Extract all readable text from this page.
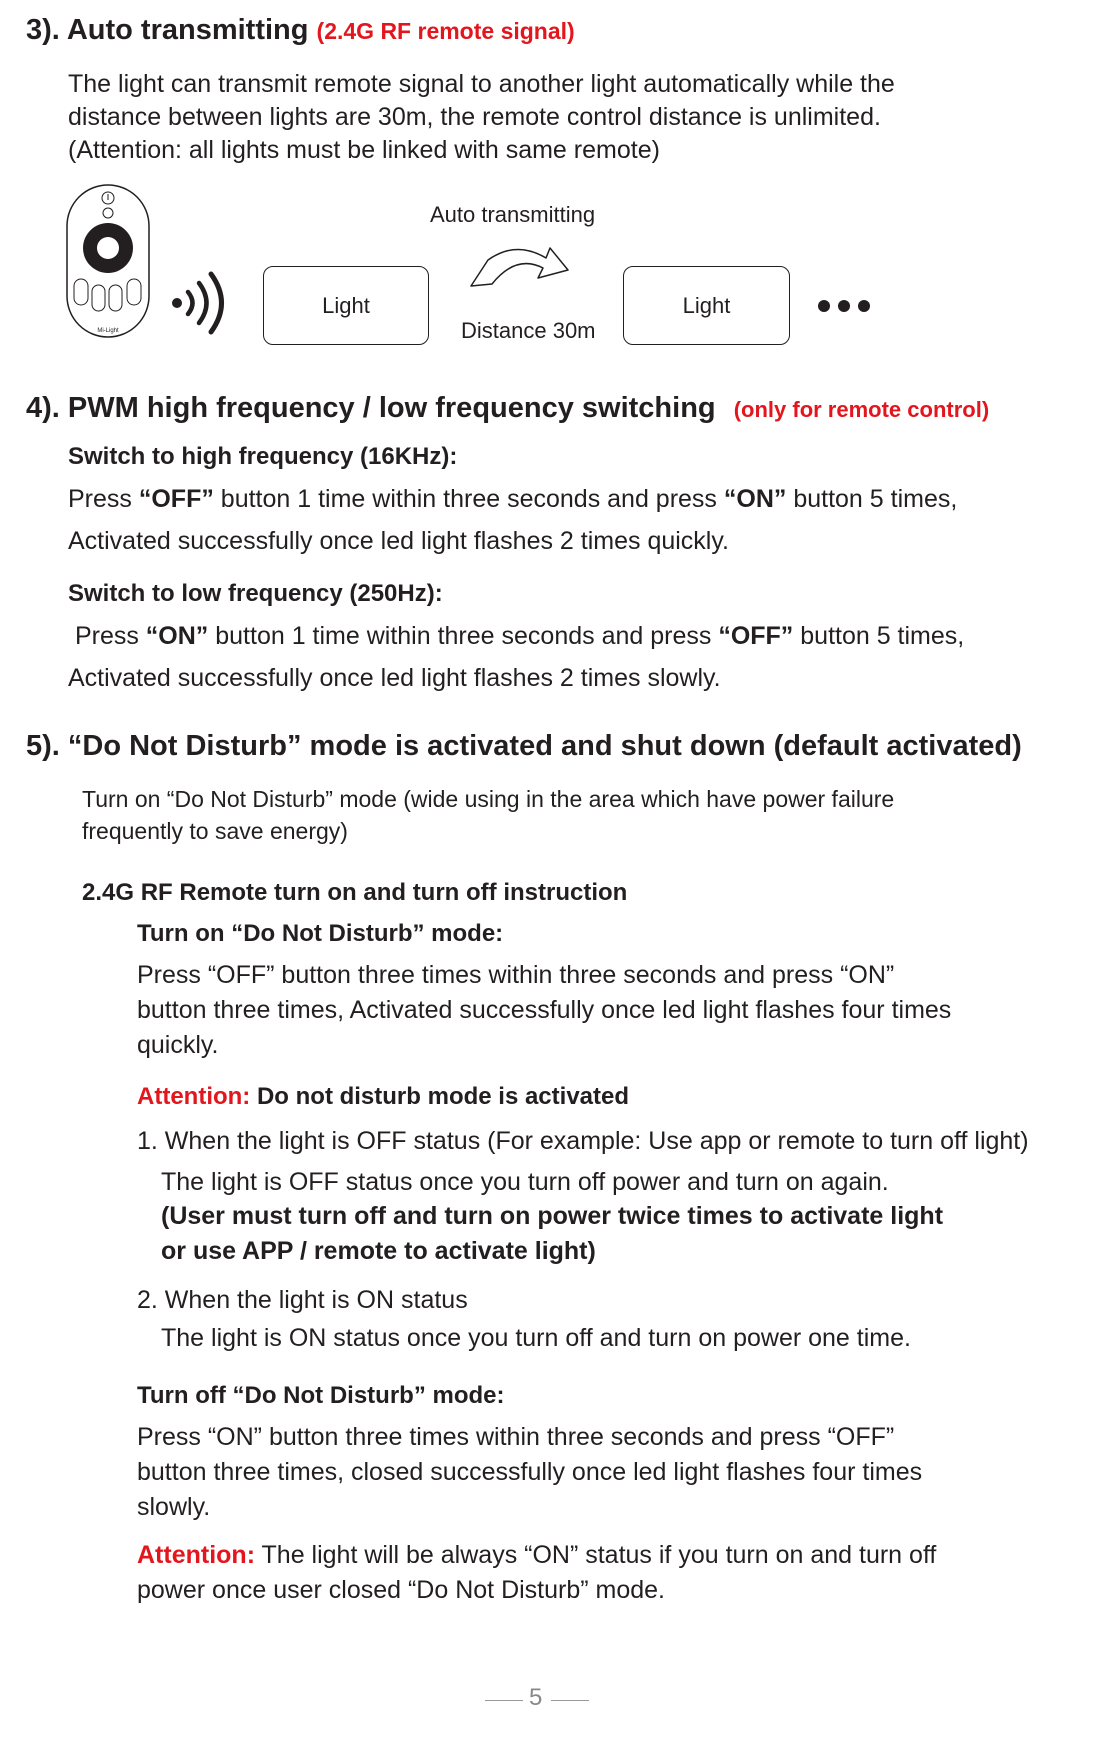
3). Auto transmitting (2.4G RF remote signal)
The light can transmit remote signal to another light automatically while the
distance between lights are 30m, the remote control distance is unlimited.
(Attention: all lights must be linked with same remote)
Mi-Light
Light
Auto transmitting
Distance 30m
Light
4). PWM high frequency / low frequency switching (only for remote control)
Switch to high frequency (16KHz):
Press “OFF” button 1 time within three seconds and press “ON” button 5 times,
Activated successfully once led light flashes 2 times quickly.
Switch to low frequency (250Hz):
Press “ON” button 1 time within three seconds and press “OFF” button 5 times,
Activated successfully once led light flashes 2 times slowly.
5). “Do Not Disturb” mode is activated and shut down (default activated)
Turn on “Do Not Disturb” mode (wide using in the area which have power failure
frequently to save energy)
2.4G RF Remote turn on and turn off instruction
Turn on “Do Not Disturb” mode:
Press “OFF” button three times within three seconds and press “ON”
button three times, Activated successfully once led light flashes four times
quickly.
Attention: Do not disturb mode is activated
1. When the light is OFF status (For example: Use app or remote to turn off light)
The light is OFF status once you turn off power and turn on again.
(User must turn off and turn on power twice times to activate light
or use APP / remote to activate light)
2. When the light is ON status
The light is ON status once you turn off and turn on power one time.
Turn off “Do Not Disturb” mode:
Press “ON” button three times within three seconds and press “OFF”
button three times, closed successfully once led light flashes four times
slowly.
Attention: The light will be always “ON” status if you turn on and turn off
power once user closed “Do Not Disturb” mode.
5
